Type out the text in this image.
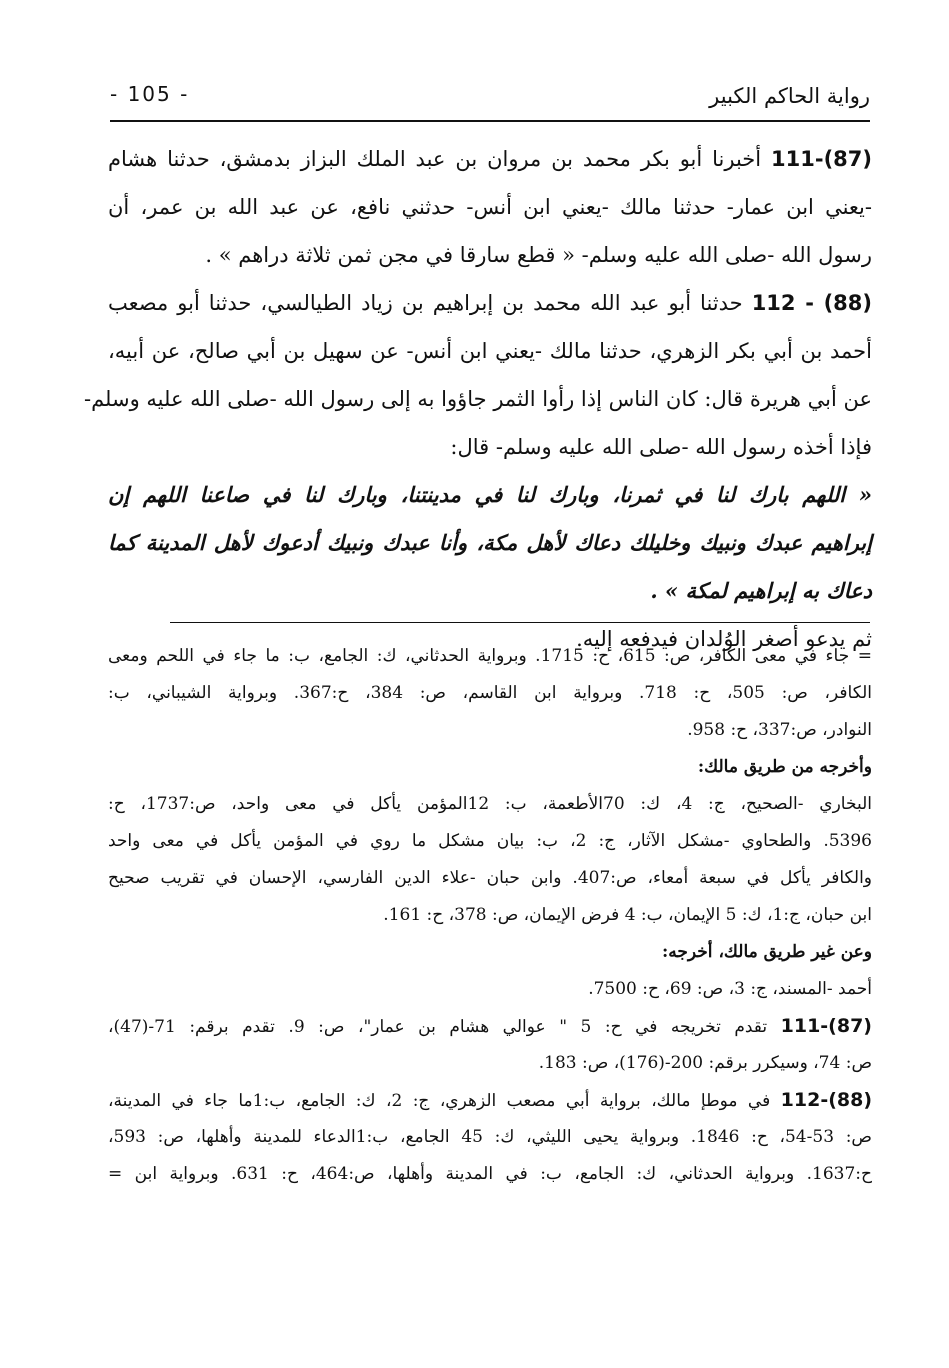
- 105 -	رواية الحاكم الكبير
111-(87) أخبرنا أبو بكر محمد بن مروان بن عبد الملك البزاز بدمشق، حدثنا هشام
-يعني ابن عمار- حدثنا مالك -يعني ابن أنس- حدثني نافع، عن عبد الله بن عمر، أن
رسول الله -صلى الله عليه وسلم- « قطع سارقا في مجن ثمن ثلاثة دراهم » .
112 - (88) حدثنا أبو عبد الله محمد بن إبراهيم بن زياد الطيالسي، حدثنا أبو مصعب
أحمد بن أبي بكر الزهري، حدثنا مالك -يعني ابن أنس- عن سهيل بن أبي صالح، عن أبيه،
عن أبي هريرة قال: كان الناس إذا رأوا الثمر جاؤوا به إلى رسول الله -صلى الله عليه وسلم-
فإذا أخذه رسول الله -صلى الله عليه وسلم- قال:
« اللهم بارك لنا في ثمرنا، وبارك لنا في مدينتنا، وبارك لنا في صاعنا اللهم إن
إبراهيم عبدك ونبيك وخليلك دعاك لأهل مكة، وأنا عبدك ونبيك أدعوك لأهل المدينة كما
دعاك به إبراهيم لمكة » .
ثم يدعو أصغر الوُلدان فيدفعه إليه.
= جاء في معى الكافر، ص: 615، ح: 1715. وبرواية الحدثاني، ك: الجامع، ب: ما جاء في اللحم ومعى
الكافر، ص: 505، ح: 718. وبرواية ابن القاسم، ص: 384، ح:367. وبرواية الشيباني، ب:
النوادر، ص:337، ح: 958.
وأخرجه من طريق مالك:
البخاري -الصحيح، ج: 4، ك: 70الأطعمة، ب: 12المؤمن يأكل في معى واحد، ص:1737، ح:
5396. والطحاوي -مشكل الآثار، ج: 2، ب: بيان مشكل ما روي في المؤمن يأكل في معى واحد
والكافر يأكل في سبعة أمعاء، ص:407. وابن حبان -علاء الدين الفارسي، الإحسان في تقريب صحيح
ابن حبان، ج:1، ك: 5 الإيمان، ب: 4 فرض الإيمان، ص: 378، ح: 161.
وعن غير طريق مالك، أخرجه:
أحمد -المسند، ج: 3، ص: 69، ح: 7500.
111-(87) تقدم تخريجه في ح: 5 " عوالي هشام بن عمار"، ص: 9. تقدم برقم: 71-(47)،
ص: 74، وسيكرر برقم: 200-(176)، ص: 183.
112-(88) في موطإ مالك، برواية أبي مصعب الزهري، ج: 2، ك: الجامع، ب:1ما جاء في المدينة،
ص: 53-54، ح: 1846. وبرواية يحيى الليثي، ك: 45 الجامع، ب:1الدعاء للمدينة وأهلها، ص: 593،
ح:1637. وبرواية الحدثاني، ك: الجامع، ب: في المدينة وأهلها، ص:464، ح: 631. وبرواية ابن =
